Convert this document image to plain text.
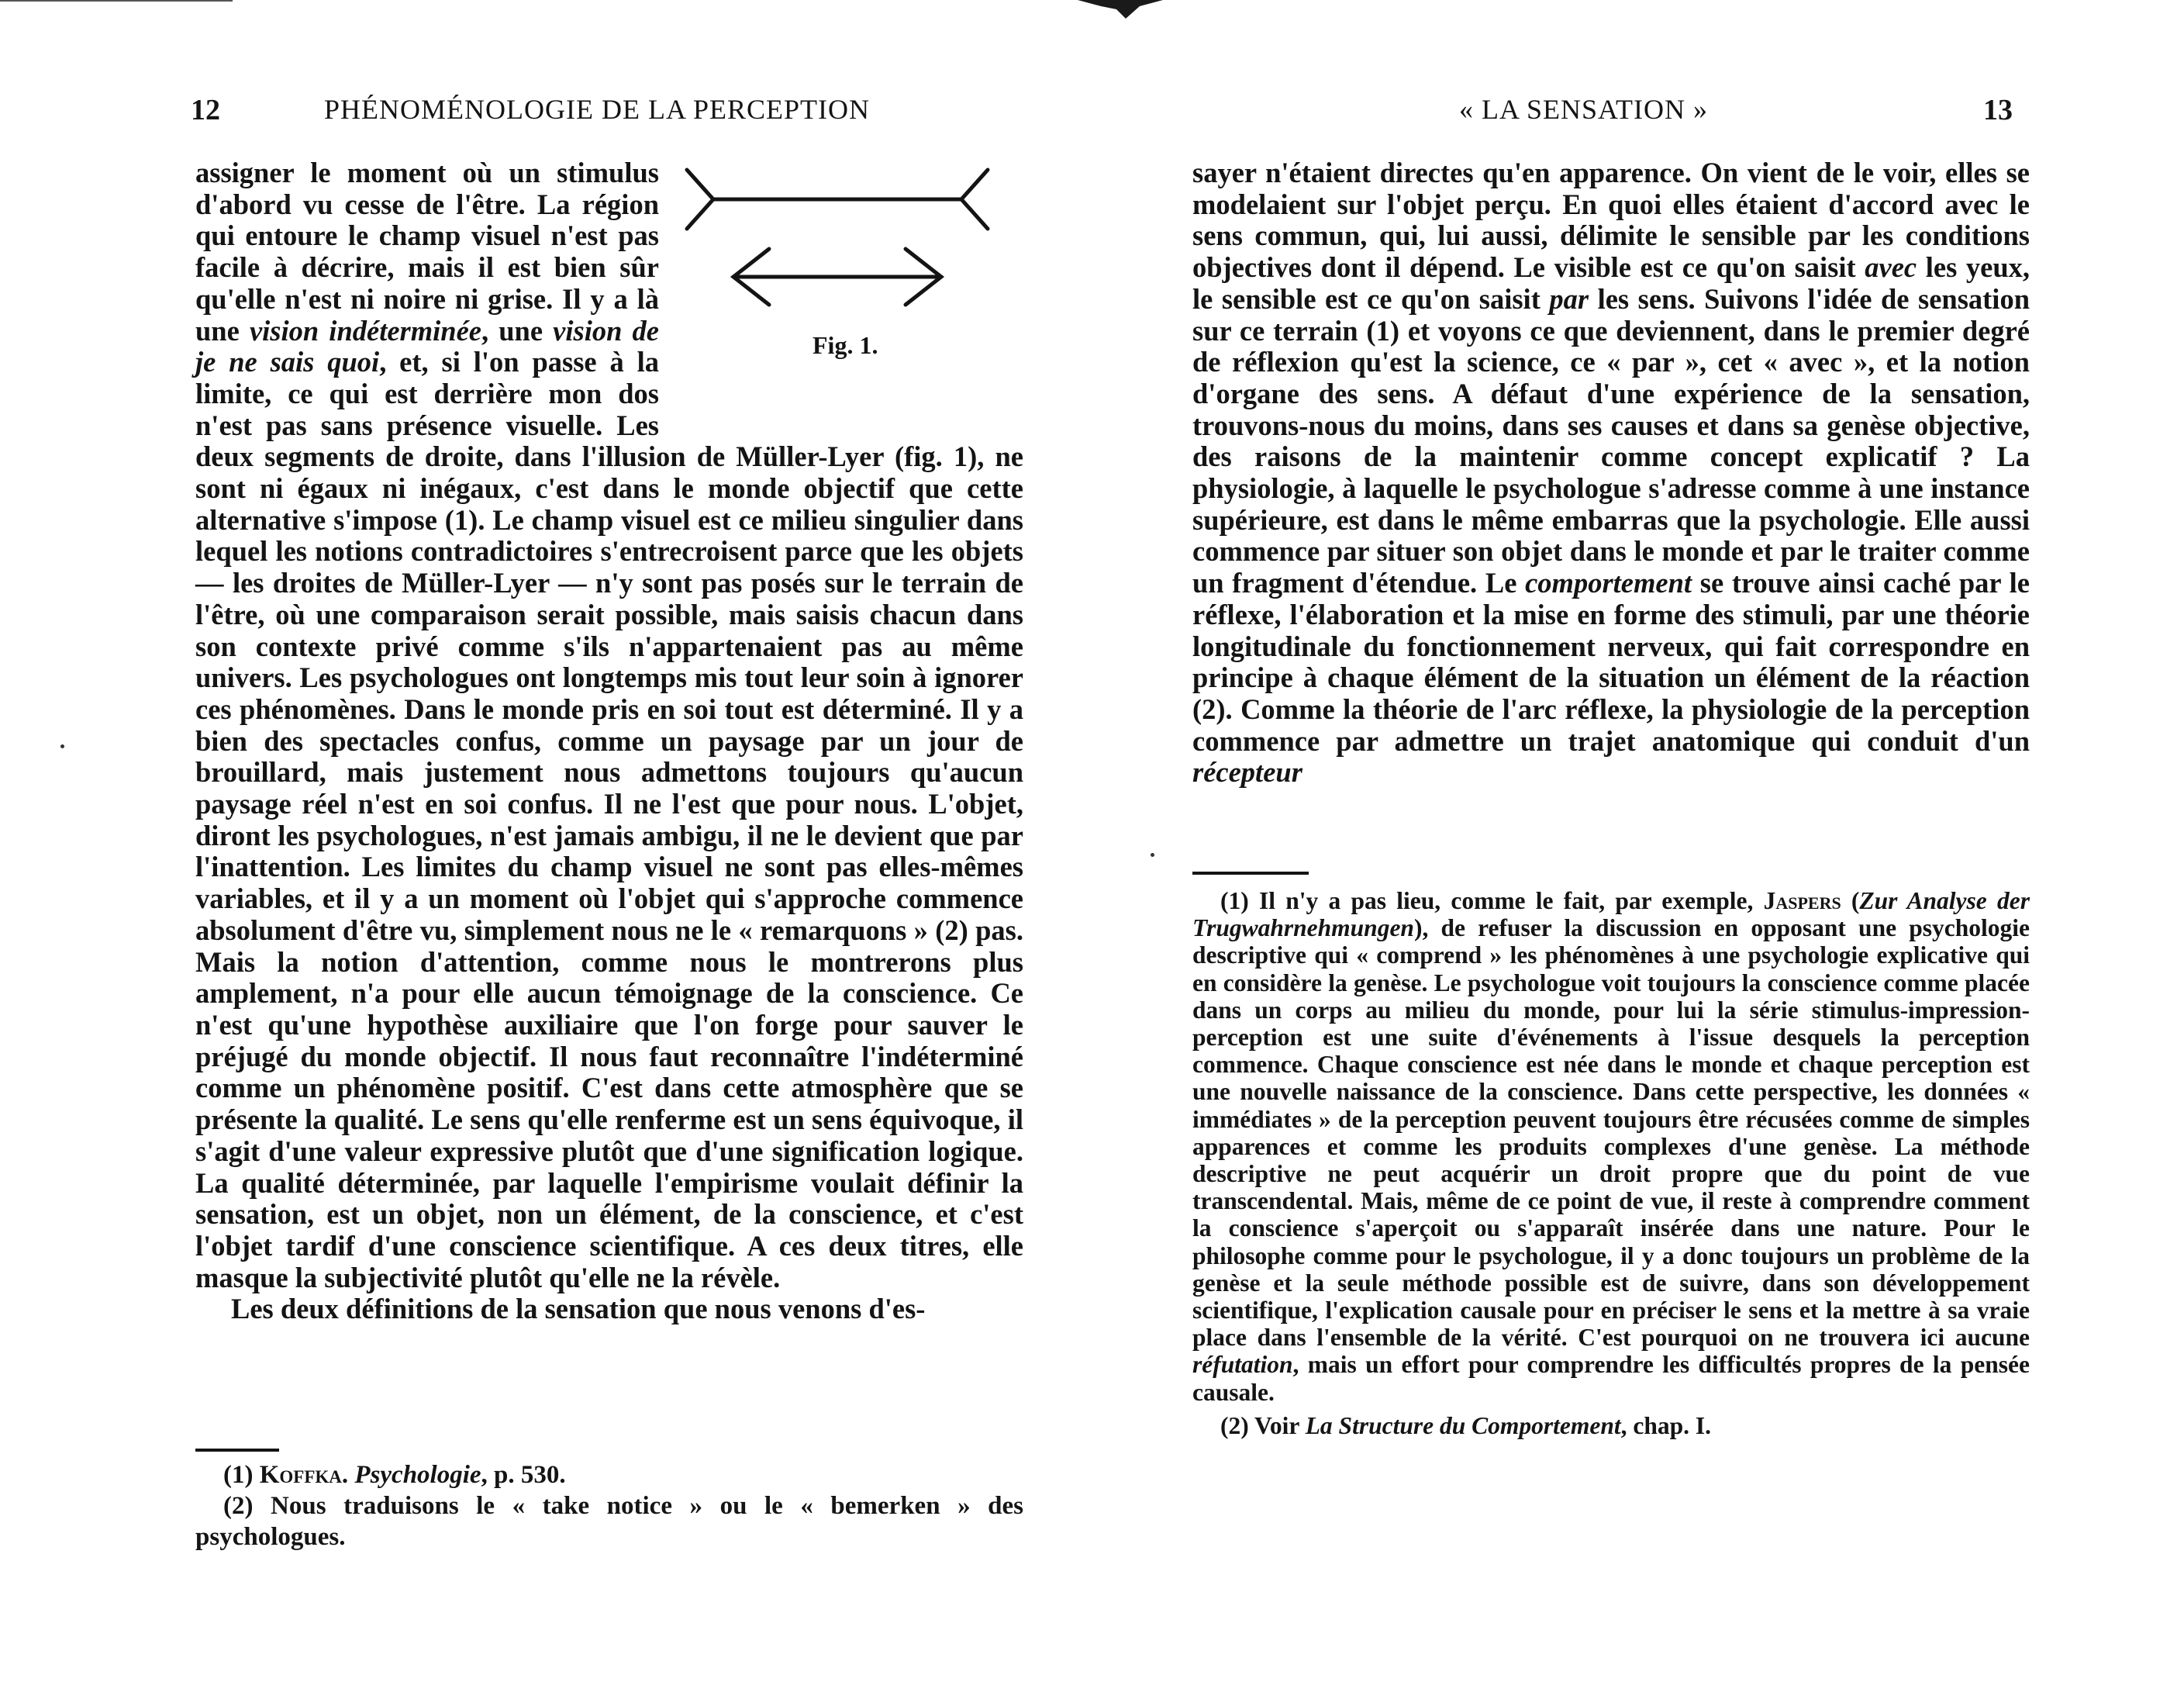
12	PHÉNOMÉNOLOGIE DE LA PERCEPTION

Fig. 1.
assigner le moment où un stimulus d'abord vu cesse de l'être. La région qui entoure le champ visuel n'est pas facile à décrire, mais il est bien sûr qu'elle n'est ni noire ni grise. Il y a là une vision indéterminée, une vision de je ne sais quoi, et, si l'on passe à la limite, ce qui est derrière mon dos n'est pas sans présence visuelle. Les deux segments de droite, dans l'illusion de Müller-Lyer (fig. 1), ne sont ni égaux ni inégaux, c'est dans le monde objectif que cette alternative s'impose (1). Le champ visuel est ce milieu singulier dans lequel les notions contradictoires s'entrecroisent parce que les objets — les droites de Müller-Lyer — n'y sont pas posés sur le terrain de l'être, où une comparaison serait possible, mais saisis chacun dans son contexte privé comme s'ils n'appartenaient pas au même univers. Les psychologues ont longtemps mis tout leur soin à ignorer ces phénomènes. Dans le monde pris en soi tout est déterminé. Il y a bien des spectacles confus, comme un paysage par un jour de brouillard, mais justement nous admettons toujours qu'aucun paysage réel n'est en soi confus. Il ne l'est que pour nous. L'objet, diront les psychologues, n'est jamais ambigu, il ne le devient que par l'inattention. Les limites du champ visuel ne sont pas elles-mêmes variables, et il y a un moment où l'objet qui s'approche commence absolument d'être vu, simplement nous ne le « remarquons » (2) pas. Mais la notion d'attention, comme nous le montrerons plus amplement, n'a pour elle aucun témoignage de la conscience. Ce n'est qu'une hypothèse auxiliaire que l'on forge pour sauver le préjugé du monde objectif. Il nous faut reconnaître l'indéterminé comme un phénomène positif. C'est dans cette atmosphère que se présente la qualité. Le sens qu'elle renferme est un sens équivoque, il s'agit d'une valeur expressive plutôt que d'une signification logique. La qualité déterminée, par laquelle l'empirisme voulait définir la sensation, est un objet, non un élément, de la conscience, et c'est l'objet tardif d'une conscience scientifique. A ces deux titres, elle masque la subjectivité plutôt qu'elle ne la révèle.

Les deux définitions de la sensation que nous venons d'es-

(1) Koffka. Psychologie, p. 530.

(2) Nous traduisons le « take notice » ou le « bemerken » des psychologues.

« LA SENSATION »	13

sayer n'étaient directes qu'en apparence. On vient de le voir, elles se modelaient sur l'objet perçu. En quoi elles étaient d'accord avec le sens commun, qui, lui aussi, délimite le sensible par les conditions objectives dont il dépend. Le visible est ce qu'on saisit avec les yeux, le sensible est ce qu'on saisit par les sens. Suivons l'idée de sensation sur ce terrain (1) et voyons ce que deviennent, dans le premier degré de réflexion qu'est la science, ce « par », cet « avec », et la notion d'organe des sens. A défaut d'une expérience de la sensation, trouvons-nous du moins, dans ses causes et dans sa genèse objective, des raisons de la maintenir comme concept explicatif ? La physiologie, à laquelle le psychologue s'adresse comme à une instance supérieure, est dans le même embarras que la psychologie. Elle aussi commence par situer son objet dans le monde et par le traiter comme un fragment d'étendue. Le comportement se trouve ainsi caché par le réflexe, l'élaboration et la mise en forme des stimuli, par une théorie longitudinale du fonctionnement nerveux, qui fait correspondre en principe à chaque élément de la situation un élément de la réaction (2). Comme la théorie de l'arc réflexe, la physiologie de la perception commence par admettre un trajet anatomique qui conduit d'un récepteur

(1) Il n'y a pas lieu, comme le fait, par exemple, Jaspers (Zur Analyse der Trugwahrnehmungen), de refuser la discussion en opposant une psychologie descriptive qui « comprend » les phénomènes à une psychologie explicative qui en considère la genèse. Le psychologue voit toujours la conscience comme placée dans un corps au milieu du monde, pour lui la série stimulus-impression-perception est une suite d'événements à l'issue desquels la perception commence. Chaque conscience est née dans le monde et chaque perception est une nouvelle naissance de la conscience. Dans cette perspective, les données « immédiates » de la perception peuvent toujours être récusées comme de simples apparences et comme les produits complexes d'une genèse. La méthode descriptive ne peut acquérir un droit propre que du point de vue transcendental. Mais, même de ce point de vue, il reste à comprendre comment la conscience s'aperçoit ou s'apparaît insérée dans une nature. Pour le philosophe comme pour le psychologue, il y a donc toujours un problème de la genèse et la seule méthode possible est de suivre, dans son développement scientifique, l'explication causale pour en préciser le sens et la mettre à sa vraie place dans l'ensemble de la vérité. C'est pourquoi on ne trouvera ici aucune réfutation, mais un effort pour comprendre les difficultés propres de la pensée causale.

(2) Voir La Structure du Comportement, chap. I.
